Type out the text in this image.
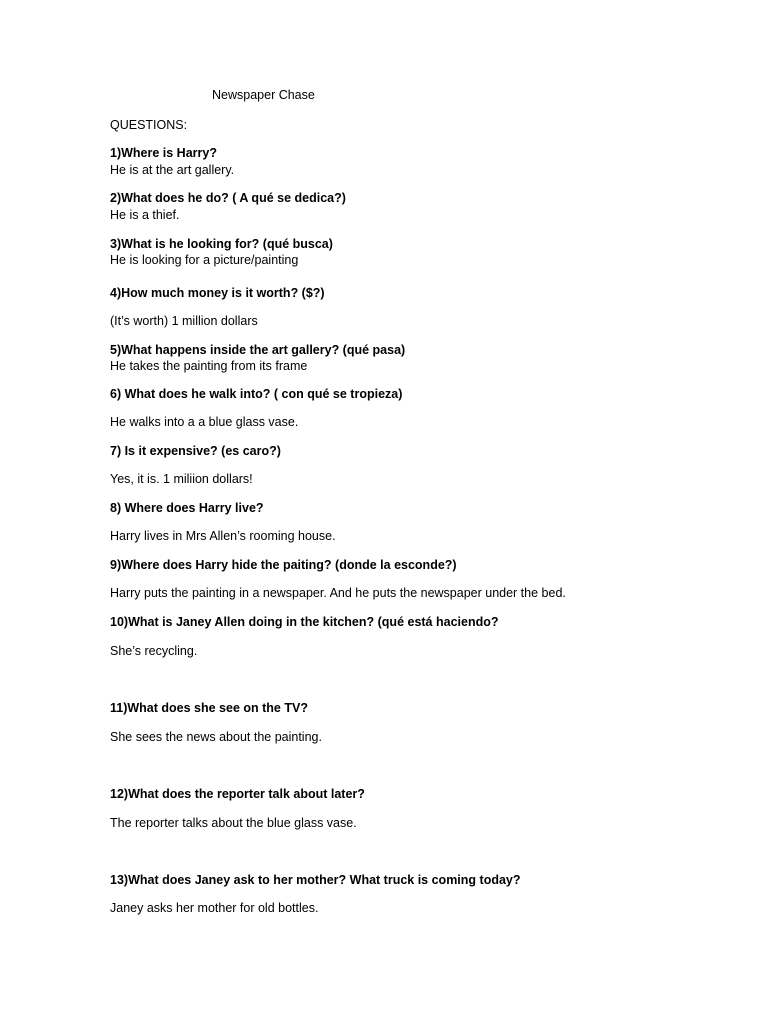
Newspaper Chase
QUESTIONS:
1)Where is Harry?
He is at the art gallery.
2)What does he do? ( A qué se dedica?)
He is a thief.
3)What is he looking for? (qué busca)
He is looking for a picture/painting
4)How much money is it worth? ($?)
(It’s worth) 1 million dollars
5)What happens inside the art gallery? (qué pasa)
He takes the painting from its frame
6) What does he walk into? ( con qué se tropieza)
He walks into a a blue glass vase.
7) Is it expensive? (es caro?)
Yes, it is. 1 miliion dollars!
8) Where does Harry live?
Harry lives in Mrs Allen’s rooming house.
9)Where does Harry hide the paiting? (donde la esconde?)
Harry puts the painting in a newspaper. And he puts the newspaper under the bed.
10)What is Janey Allen doing in the kitchen? (qué está haciendo?
She’s recycling.
11)What does she see on the TV?
She sees the news about the painting.
12)What does the reporter talk about later?
The reporter talks about the blue glass vase.
13)What does Janey ask to her mother? What truck is coming today?
Janey asks her mother for old bottles.
